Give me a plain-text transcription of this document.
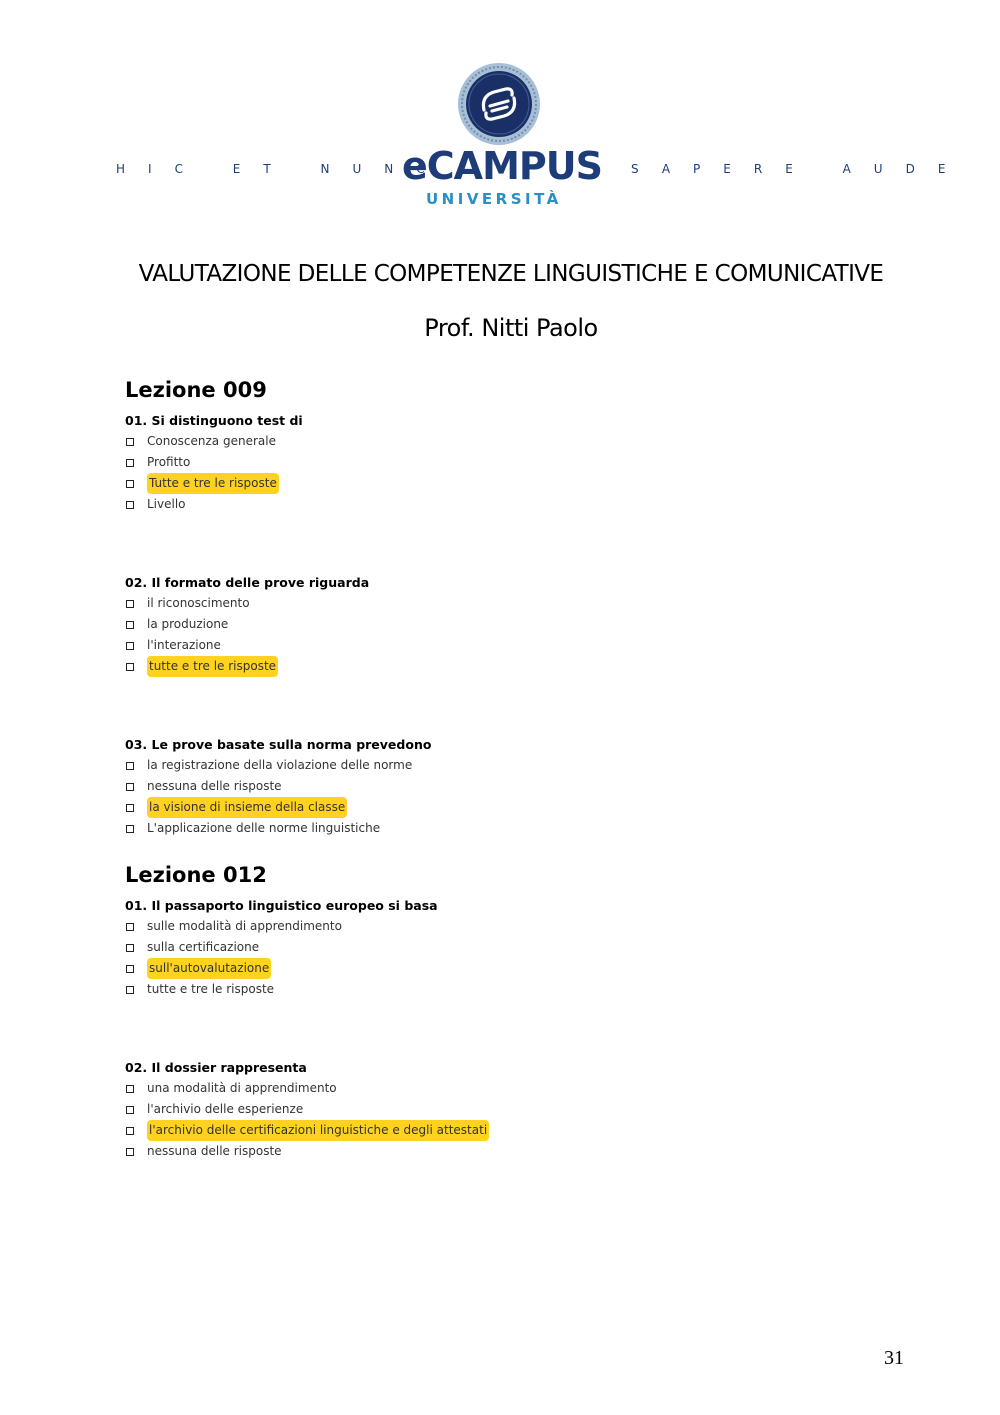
HIC ET NUNC
eCAMPUS
UNIVERSITÀ
SAPERE AUDE
VALUTAZIONE DELLE COMPETENZE LINGUISTICHE E COMUNICATIVE
Prof. Nitti Paolo
Lezione 009
01. Si distinguono test di
Conoscenza generale
Profitto
Tutte e tre le risposte
Livello
02. Il formato delle prove riguarda
il riconoscimento
la produzione
l'interazione
tutte e tre le risposte
03. Le prove basate sulla norma prevedono
la registrazione della violazione delle norme
nessuna delle risposte
la visione di insieme della classe
L'applicazione delle norme linguistiche
Lezione 012
01. Il passaporto linguistico europeo si basa
sulle modalità di apprendimento
sulla certificazione
sull'autovalutazione
tutte e tre le risposte
02. Il dossier rappresenta
una modalità di apprendimento
l'archivio delle esperienze
l'archivio delle certificazioni linguistiche e degli attestati
nessuna delle risposte
31
